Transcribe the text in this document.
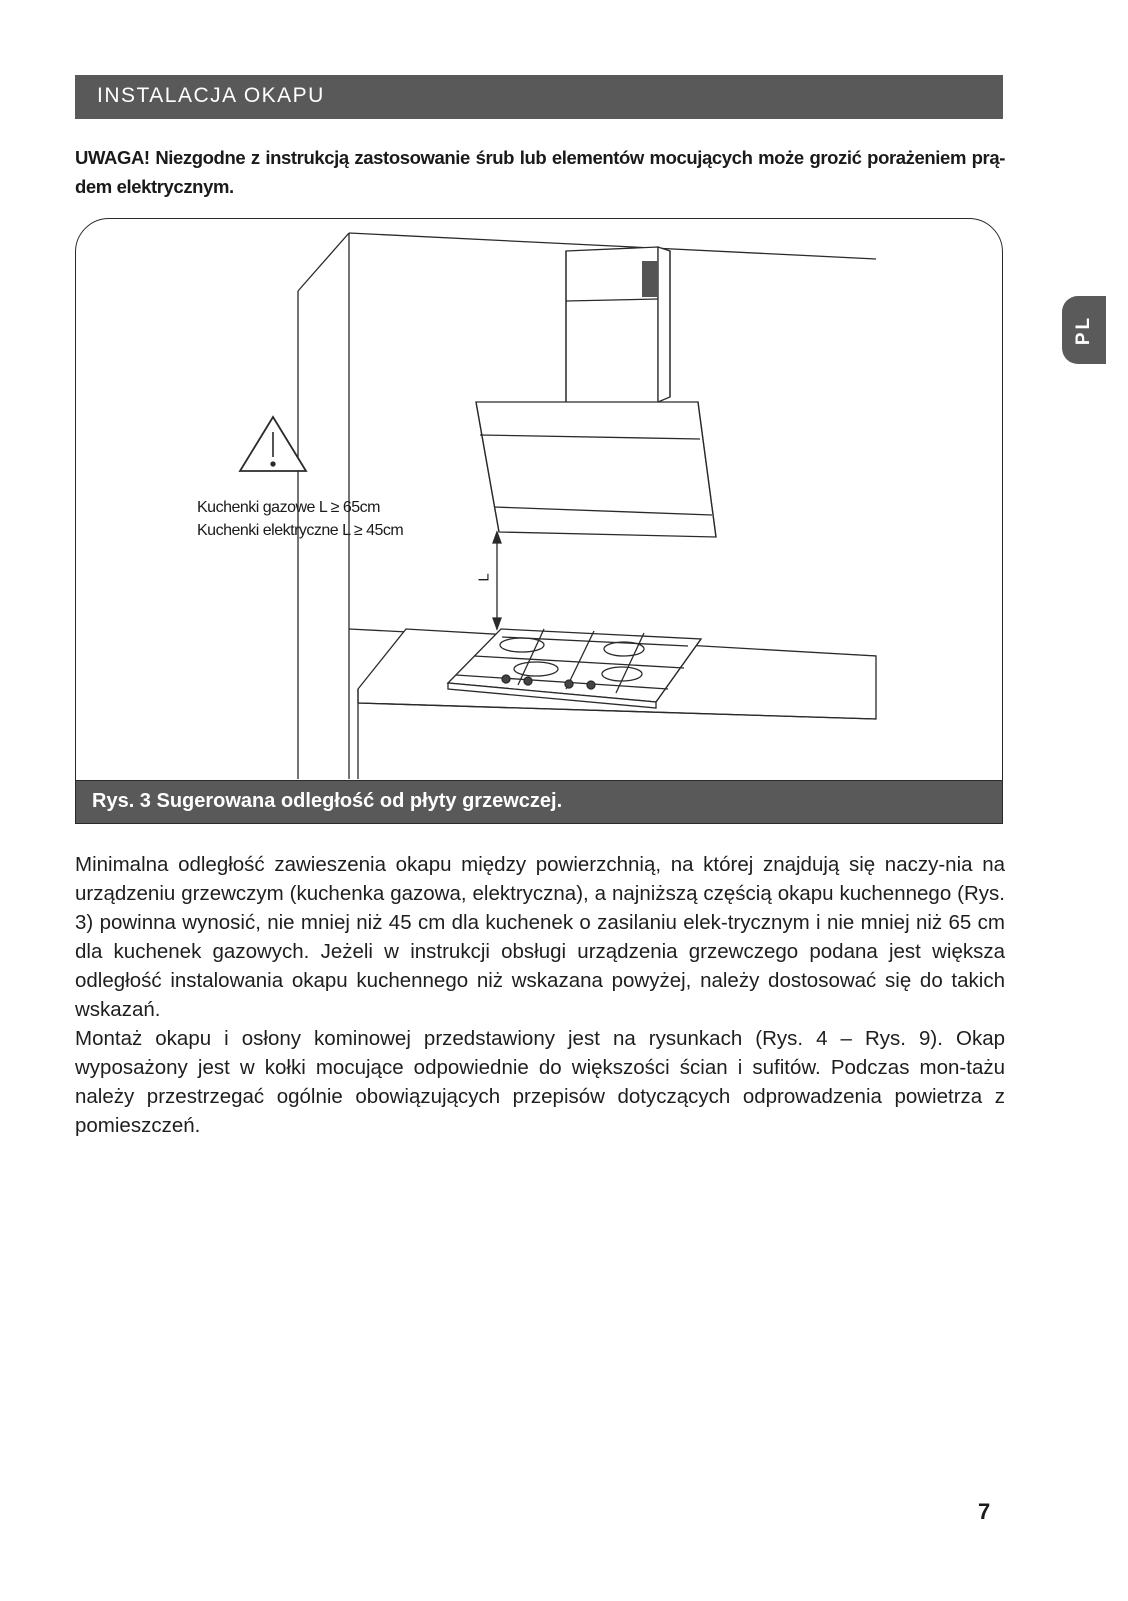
INSTALACJA OKAPU
UWAGA! Niezgodne z instrukcją zastosowanie śrub lub elementów mocujących może grozić porażeniem prą-dem elektrycznym.
Kuchenki gazowe L ≥ 65cm
Kuchenki elektryczne L ≥ 45cm
L
Rys. 3 Sugerowana odległość od płyty grzewczej.

Minimalna odległość zawieszenia okapu między powierzchnią, na której znajdują się naczy-nia na urządzeniu grzewczym (kuchenka gazowa, elektryczna), a najniższą częścią okapu kuchennego (Rys. 3) powinna wynosić, nie mniej niż 45 cm dla kuchenek o zasilaniu elek-trycznym i nie mniej niż 65 cm dla kuchenek gazowych. Jeżeli w instrukcji obsługi urządzenia grzewczego podana jest większa odległość instalowania okapu kuchennego niż wskazana powyżej, należy dostosować się do takich wskazań.

Montaż okapu i osłony kominowej przedstawiony jest na rysunkach (Rys. 4 – Rys. 9). Okap wyposażony jest w kołki mocujące odpowiednie do większości ścian i sufitów. Podczas mon-tażu należy przestrzegać ogólnie obowiązujących przepisów dotyczących odprowadzenia powietrza z pomieszczeń.

PL
7
